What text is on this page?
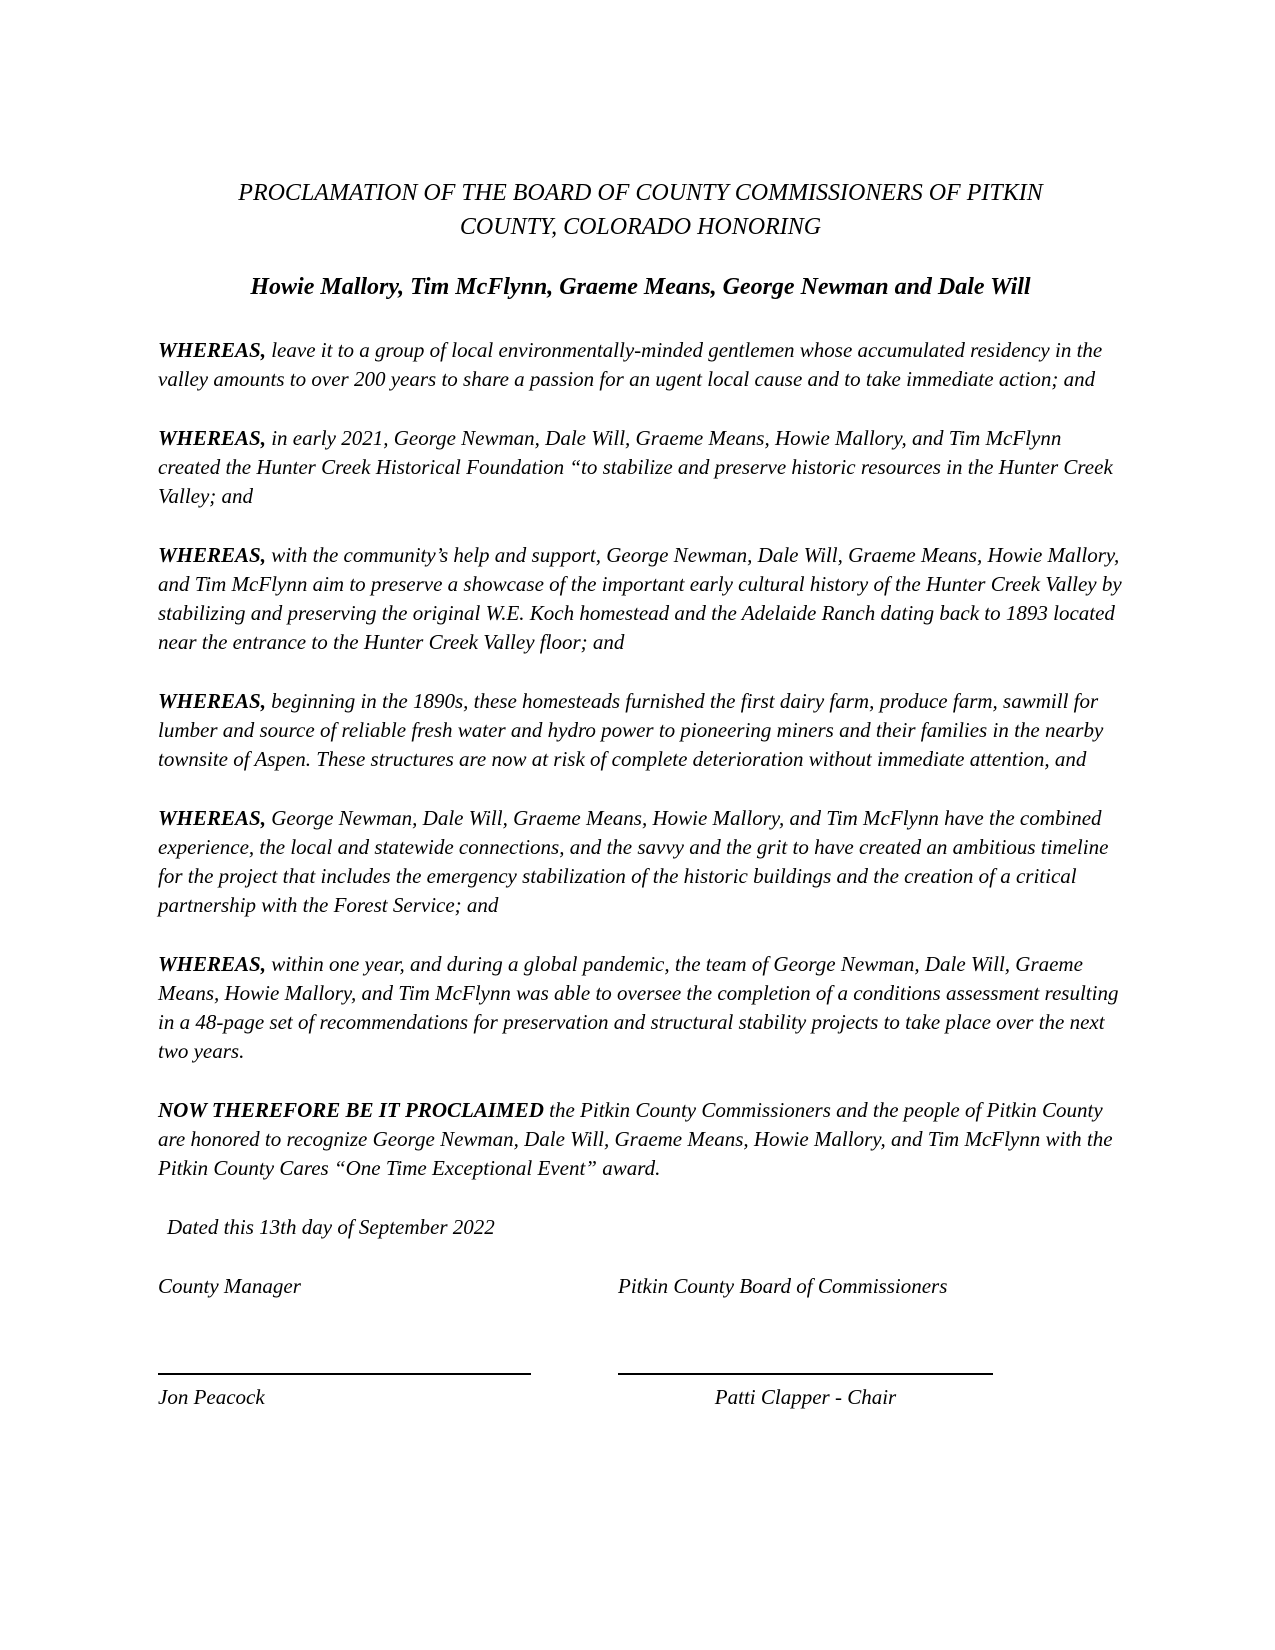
PROCLAMATION OF THE BOARD OF COUNTY COMMISSIONERS OF PITKIN
COUNTY, COLORADO HONORING
Howie Mallory, Tim McFlynn, Graeme Means, George Newman and Dale Will

WHEREAS, leave it to a group of local environmentally-minded gentlemen whose accumulated residency in the valley amounts to over 200 years to share a passion for an ugent local cause and to take immediate action; and

WHEREAS, in early 2021, George Newman, Dale Will, Graeme Means, Howie Mallory, and Tim McFlynn created the Hunter Creek Historical Foundation “to stabilize and preserve historic resources in the Hunter Creek Valley; and

WHEREAS, with the community’s help and support, George Newman, Dale Will, Graeme Means, Howie Mallory, and Tim McFlynn aim to preserve a showcase of the important early cultural history of the Hunter Creek Valley by stabilizing and preserving the original W.E. Koch homestead and the Adelaide Ranch dating back to 1893 located near the entrance to the Hunter Creek Valley floor; and

WHEREAS, beginning in the 1890s, these homesteads furnished the first dairy farm, produce farm, sawmill for lumber and source of reliable fresh water and hydro power to pioneering miners and their families in the nearby townsite of Aspen. These structures are now at risk of complete deterioration without immediate attention, and

WHEREAS, George Newman, Dale Will, Graeme Means, Howie Mallory, and Tim McFlynn have the combined experience, the local and statewide connections, and the savvy and the grit to have created an ambitious timeline for the project that includes the emergency stabilization of the historic buildings and the creation of a critical partnership with the Forest Service; and

WHEREAS, within one year, and during a global pandemic, the team of George Newman, Dale Will, Graeme Means, Howie Mallory, and Tim McFlynn was able to oversee the completion of a conditions assessment resulting in a 48-page set of recommendations for preservation and structural stability projects to take place over the next two years.

NOW THEREFORE BE IT PROCLAIMED the Pitkin County Commissioners and the people of Pitkin County are honored to recognize George Newman, Dale Will, Graeme Means, Howie Mallory, and Tim McFlynn with the Pitkin County Cares “One Time Exceptional Event” award.

Dated this 13th day of September 2022

County Manager	Pitkin County Board of Commissioners
Jon Peacock	Patti Clapper - Chair
